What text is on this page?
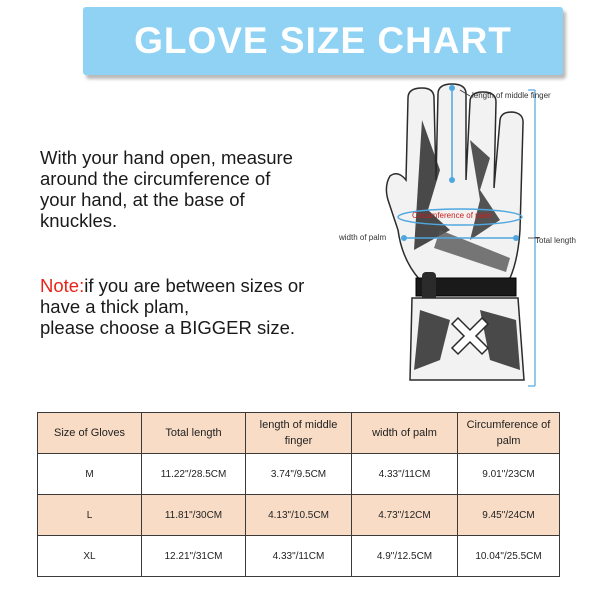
GLOVE SIZE CHART
With your hand open, measure
around the circumference of
your hand, at the base of
knuckles.
Note:if you are between sizes or
have a thick plam,
please choose a BIGGER size.
length of middle finger
Circumference of palm
width of palm	Total length
Size of Gloves	Total length	length of middle finger	width of palm	Circumference of palm
M	11.22"/28.5CM	3.74"/9.5CM	4.33"/11CM	9.01"/23CM
L	11.81"/30CM	4.13"/10.5CM	4.73"/12CM	9.45"/24CM
XL	12.21"/31CM	4.33"/11CM	4.9"/12.5CM	10.04"/25.5CM
